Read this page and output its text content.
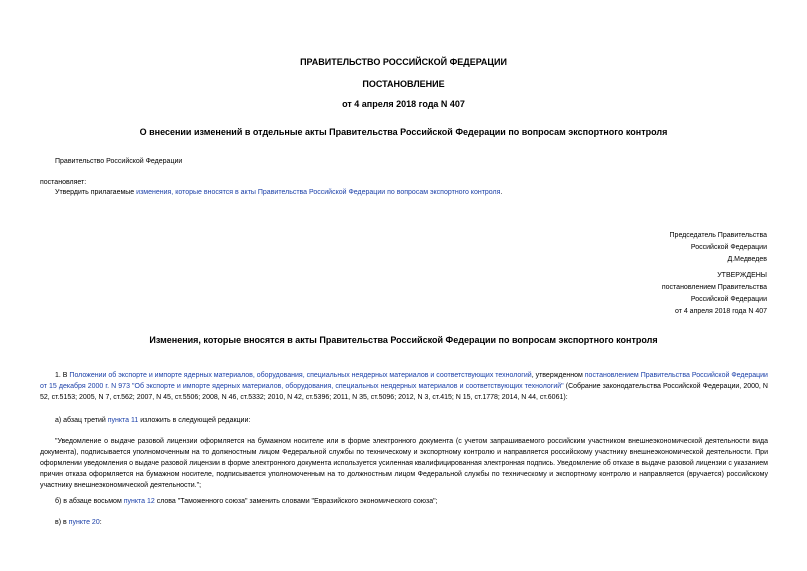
ПРАВИТЕЛЬСТВО РОССИЙСКОЙ ФЕДЕРАЦИИ
ПОСТАНОВЛЕНИЕ
от 4 апреля 2018 года N 407
О внесении изменений в отдельные акты Правительства Российской Федерации по вопросам экспортного контроля
Правительство Российской Федерации
постановляет:
Утвердить прилагаемые изменения, которые вносятся в акты Правительства Российской Федерации по вопросам экспортного контроля.
Председатель Правительства
Российской Федерации
Д.Медведев
УТВЕРЖДЕНЫ
постановлением Правительства
Российской Федерации
от 4 апреля 2018 года N 407
Изменения, которые вносятся в акты Правительства Российской Федерации по вопросам экспортного контроля
1. В Положении об экспорте и импорте ядерных материалов, оборудования, специальных неядерных материалов и соответствующих технологий, утвержденном постановлением Правительства Российской Федерации от 15 декабря 2000 г. N 973 "Об экспорте и импорте ядерных материалов, оборудования, специальных неядерных материалов и соответствующих технологий" (Собрание законодательства Российской Федерации, 2000, N 52, ст.5153; 2005, N 7, ст.562; 2007, N 45, ст.5506; 2008, N 46, ст.5332; 2010, N 42, ст.5396; 2011, N 35, ст.5096; 2012, N 3, ст.415; N 15, ст.1778; 2014, N 44, ст.6061):
а) абзац третий пункта 11 изложить в следующей редакции:
"Уведомление о выдаче разовой лицензии оформляется на бумажном носителе или в форме электронного документа (с учетом запрашиваемого российским участником внешнеэкономической деятельности вида документа), подписывается уполномоченным на то должностным лицом Федеральной службы по техническому и экспортному контролю и направляется российскому участнику внешнеэкономической деятельности. При оформлении уведомления о выдаче разовой лицензии в форме электронного документа используется усиленная квалифицированная электронная подпись. Уведомление об отказе в выдаче разовой лицензии с указанием причин отказа оформляется на бумажном носителе, подписывается уполномоченным на то должностным лицом Федеральной службы по техническому и экспортному контролю и направляется (вручается) российскому участнику внешнеэкономической деятельности.";
б) в абзаце восьмом пункта 12 слова "Таможенного союза" заменить словами "Евразийского экономического союза";
в) в пункте 20:
